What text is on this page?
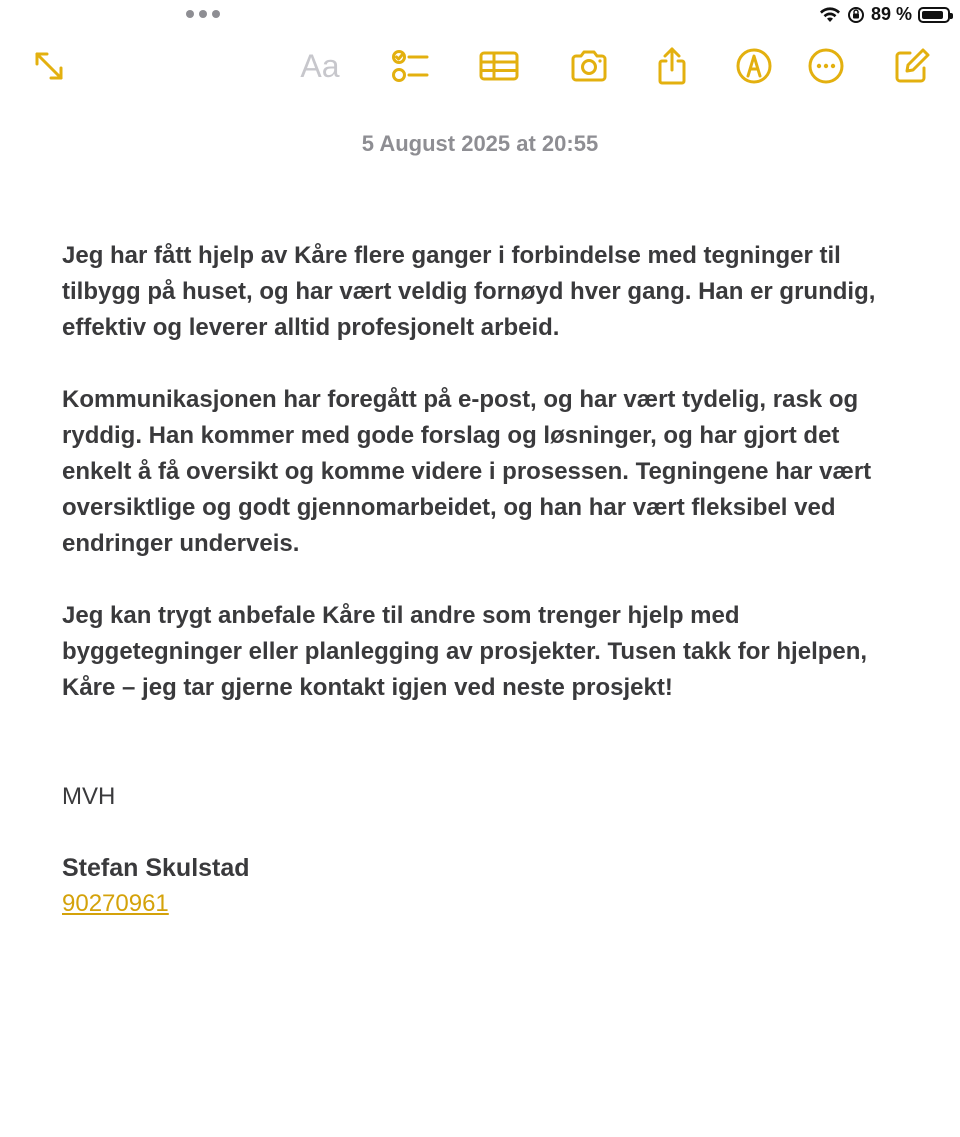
89 %
Aa
5 August 2025 at 20:55

Jeg har fått hjelp av Kåre flere ganger i forbindelse med tegninger til tilbygg på huset, og har vært veldig fornøyd hver gang. Han er grundig, effektiv og leverer alltid profesjonelt arbeid.

Kommunikasjonen har foregått på e-post, og har vært tydelig, rask og ryddig. Han kommer med gode forslag og løsninger, og har gjort det enkelt å få oversikt og komme videre i prosessen. Tegningene har vært oversiktlige og godt gjennomarbeidet, og han har vært fleksibel ved endringer underveis.

Jeg kan trygt anbefale Kåre til andre som trenger hjelp med byggetegninger eller planlegging av prosjekter. Tusen takk for hjelpen, Kåre – jeg tar gjerne kontakt igjen ved neste prosjekt!

MVH
Stefan Skulstad
90270961
